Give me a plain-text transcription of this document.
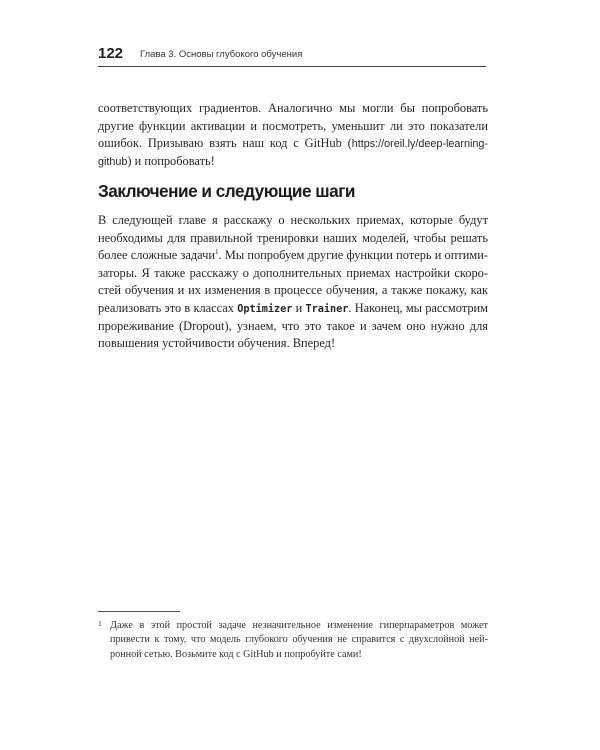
122 Глава 3. Основы глубокого обучения
соответствующих градиентов. Аналогично мы могли бы попробовать
другие функции активации и посмотреть, уменьшит ли это показатели
ошибок. Призываю взять наш код с GitHub (https://oreil.ly/deep-learning-
github) и попробовать!
Заключение и следующие шаги
В следующей главе я расскажу о нескольких приемах, которые будут
необходимы для правильной тренировки наших моделей, чтобы решать
более сложные задачи$^1$. Мы попробуем другие функции потерь и оптими-
заторы. Я также расскажу о дополнительных приемах настройки скоро-
стей обучения и их изменения в процессе обучения, а также покажу, как
реализовать это в классах Optimizer и Trainer. Наконец, мы рассмотрим
прореживание (Dropout), узнаем, что это такое и зачем оно нужно для
повышения устойчивости обучения. Вперед!
1 Даже в этой простой задаче незначительное изменение гиперпараметров может
привести к тому, что модель глубокого обучения не справится с двухслойной ней-
ронной сетью. Возьмите код с GitHub и попробуйте сами!
